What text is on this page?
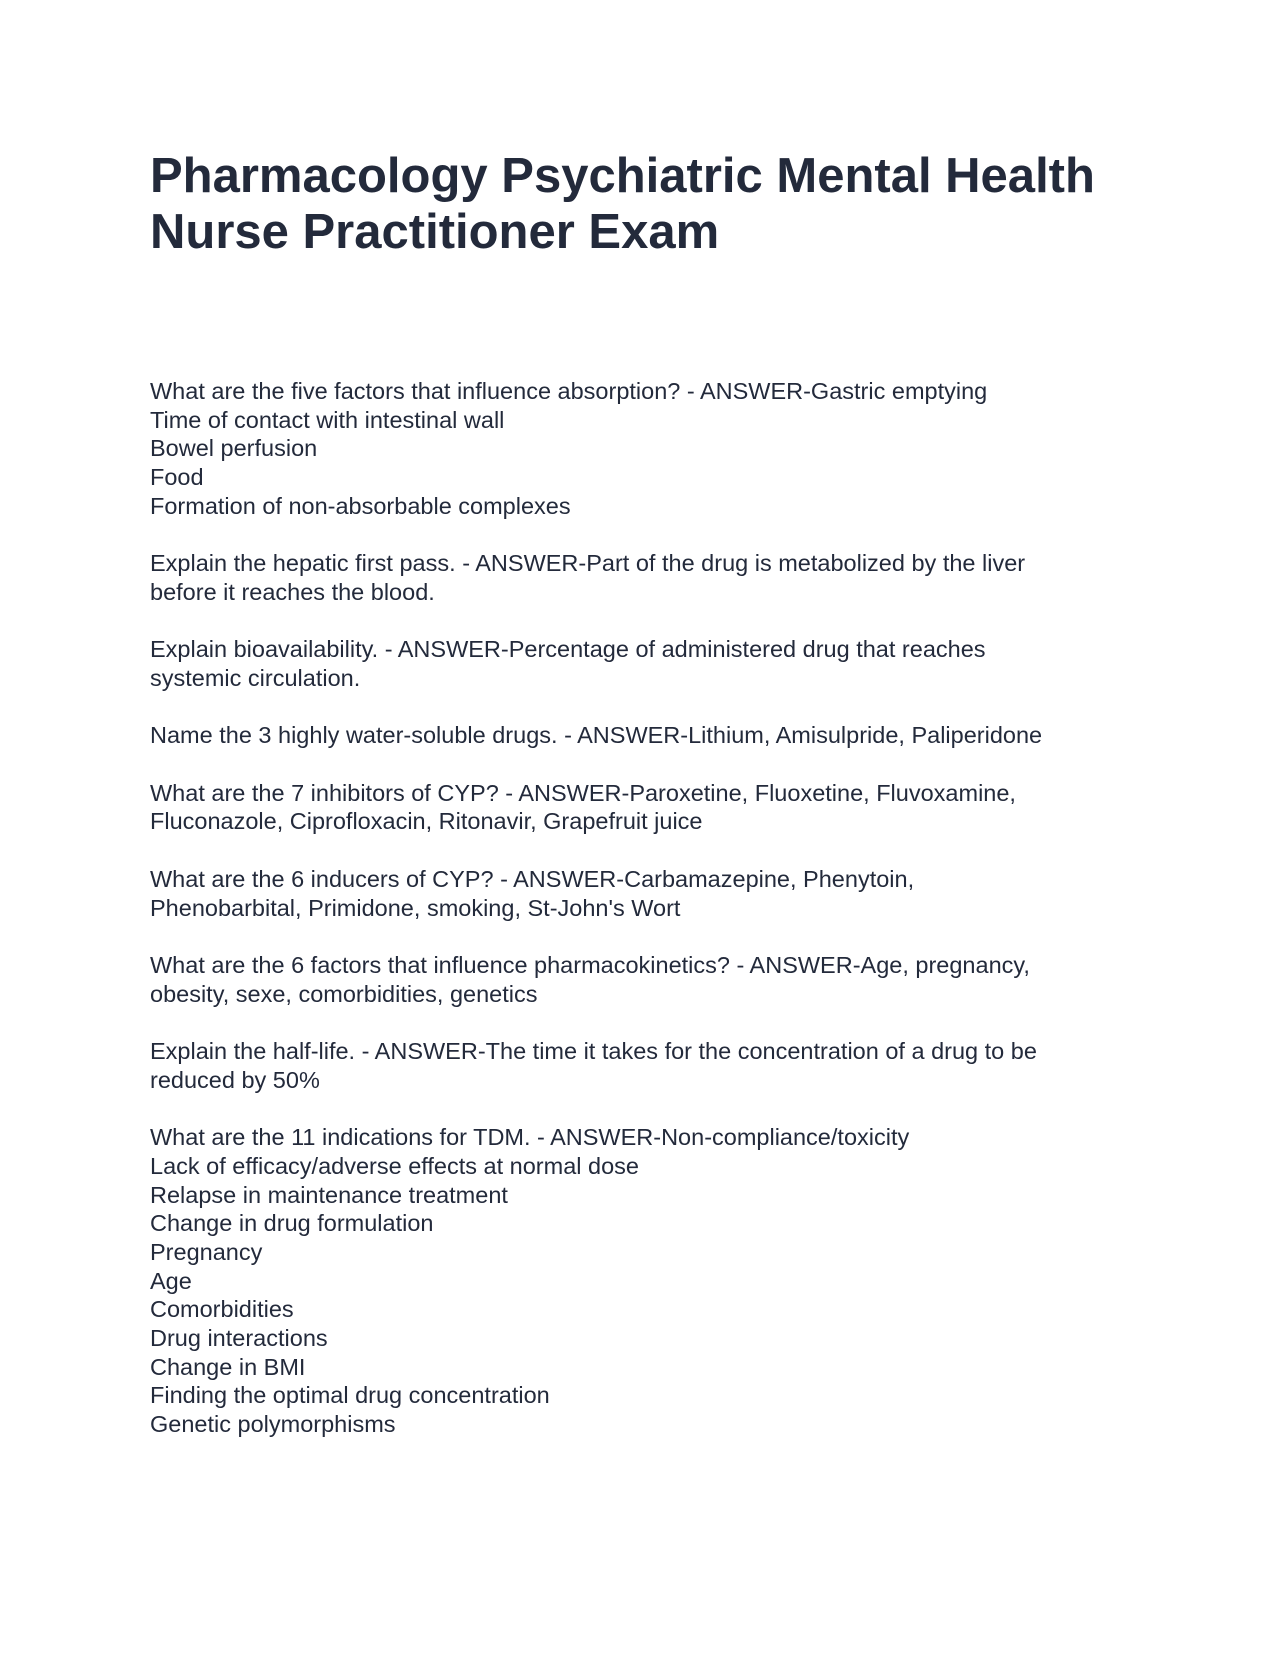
Pharmacology Psychiatric Mental Health Nurse Practitioner Exam
What are the five factors that influence absorption? - ANSWER-Gastric emptying
Time of contact with intestinal wall
Bowel perfusion
Food
Formation of non-absorbable complexes
Explain the hepatic first pass. - ANSWER-Part of the drug is metabolized by the liver
before it reaches the blood.
Explain bioavailability. - ANSWER-Percentage of administered drug that reaches
systemic circulation.
Name the 3 highly water-soluble drugs. - ANSWER-Lithium, Amisulpride, Paliperidone
What are the 7 inhibitors of CYP? - ANSWER-Paroxetine, Fluoxetine, Fluvoxamine,
Fluconazole, Ciprofloxacin, Ritonavir, Grapefruit juice
What are the 6 inducers of CYP? - ANSWER-Carbamazepine, Phenytoin,
Phenobarbital, Primidone, smoking, St-John's Wort
What are the 6 factors that influence pharmacokinetics? - ANSWER-Age, pregnancy,
obesity, sexe, comorbidities, genetics
Explain the half-life. - ANSWER-The time it takes for the concentration of a drug to be
reduced by 50%
What are the 11 indications for TDM. - ANSWER-Non-compliance/toxicity
Lack of efficacy/adverse effects at normal dose
Relapse in maintenance treatment
Change in drug formulation
Pregnancy
Age
Comorbidities
Drug interactions
Change in BMI
Finding the optimal drug concentration
Genetic polymorphisms
